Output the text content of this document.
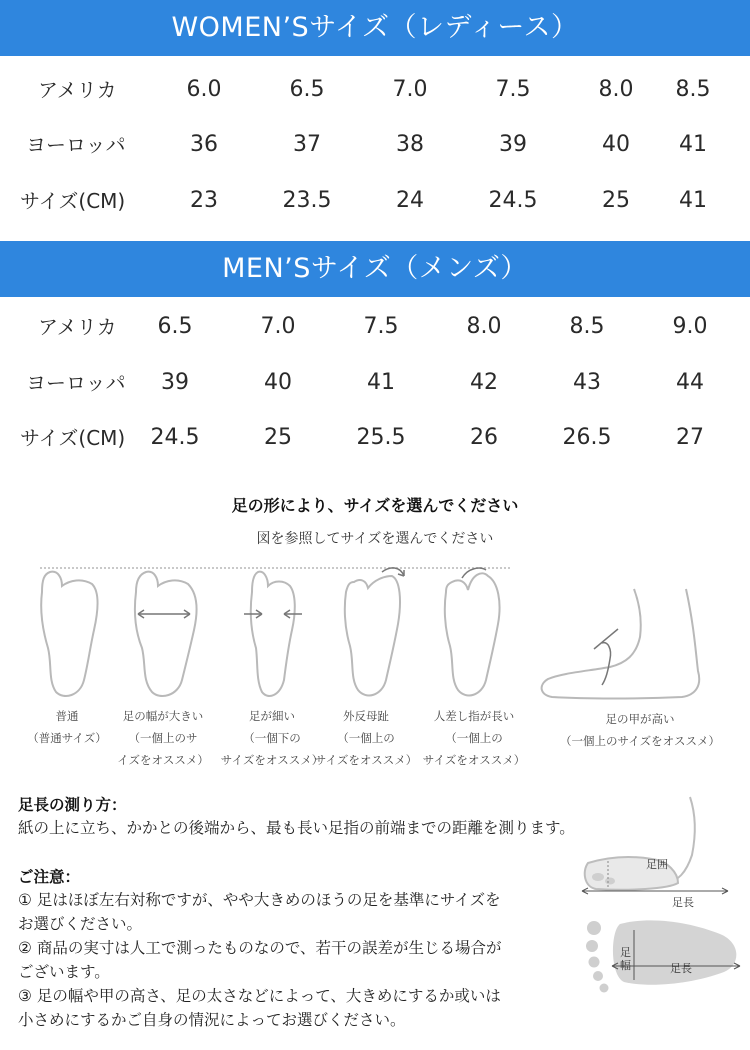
WOMEN’Sサイズ（レディース）
アメリカ	6.0	6.5	7.0	7.5	8.0 8.5
ヨーロッパ	36	37	38	39	40 41
サイズ(CM)	23	23.5	24	24.5	25 41
MEN’Sサイズ（メンズ）
アメリカ 6.5	7.0	7.5	8.0	8.5	9.0
ヨーロッパ 39	40	41	42	43	44
サイズ(CM) 24.5	25	25.5	26	26.5	27
足の形により、サイズを選んでください
図を参照してサイズを選んでください
普通
（普通サイズ）
足の幅が大きい
（一個上のサ
イズをオススメ）
足が細い
（一個下の
サイズをオススメ）
外反母趾
（一個上の
サイズをオススメ）
人差し指が長い
（一個上の
サイズをオススメ）
足の甲が高い
（一個上のサイズをオススメ）
足長の測り方：
紙の上に立ち、かかとの後端から、最も長い足指の前端までの距離を測ります。
ご注意：
① 足はほぼ左右対称ですが、やや大きめのほうの足を基準にサイズを
お選びください。
② 商品の実寸は人工で測ったものなので、若干の誤差が生じる場合が
ございます。
③ 足の幅や甲の高さ、足の太さなどによって、大きめにするか或いは
小さめにするかご自身の情況によってお選びください。
足囲
足長
足
幅	足長
